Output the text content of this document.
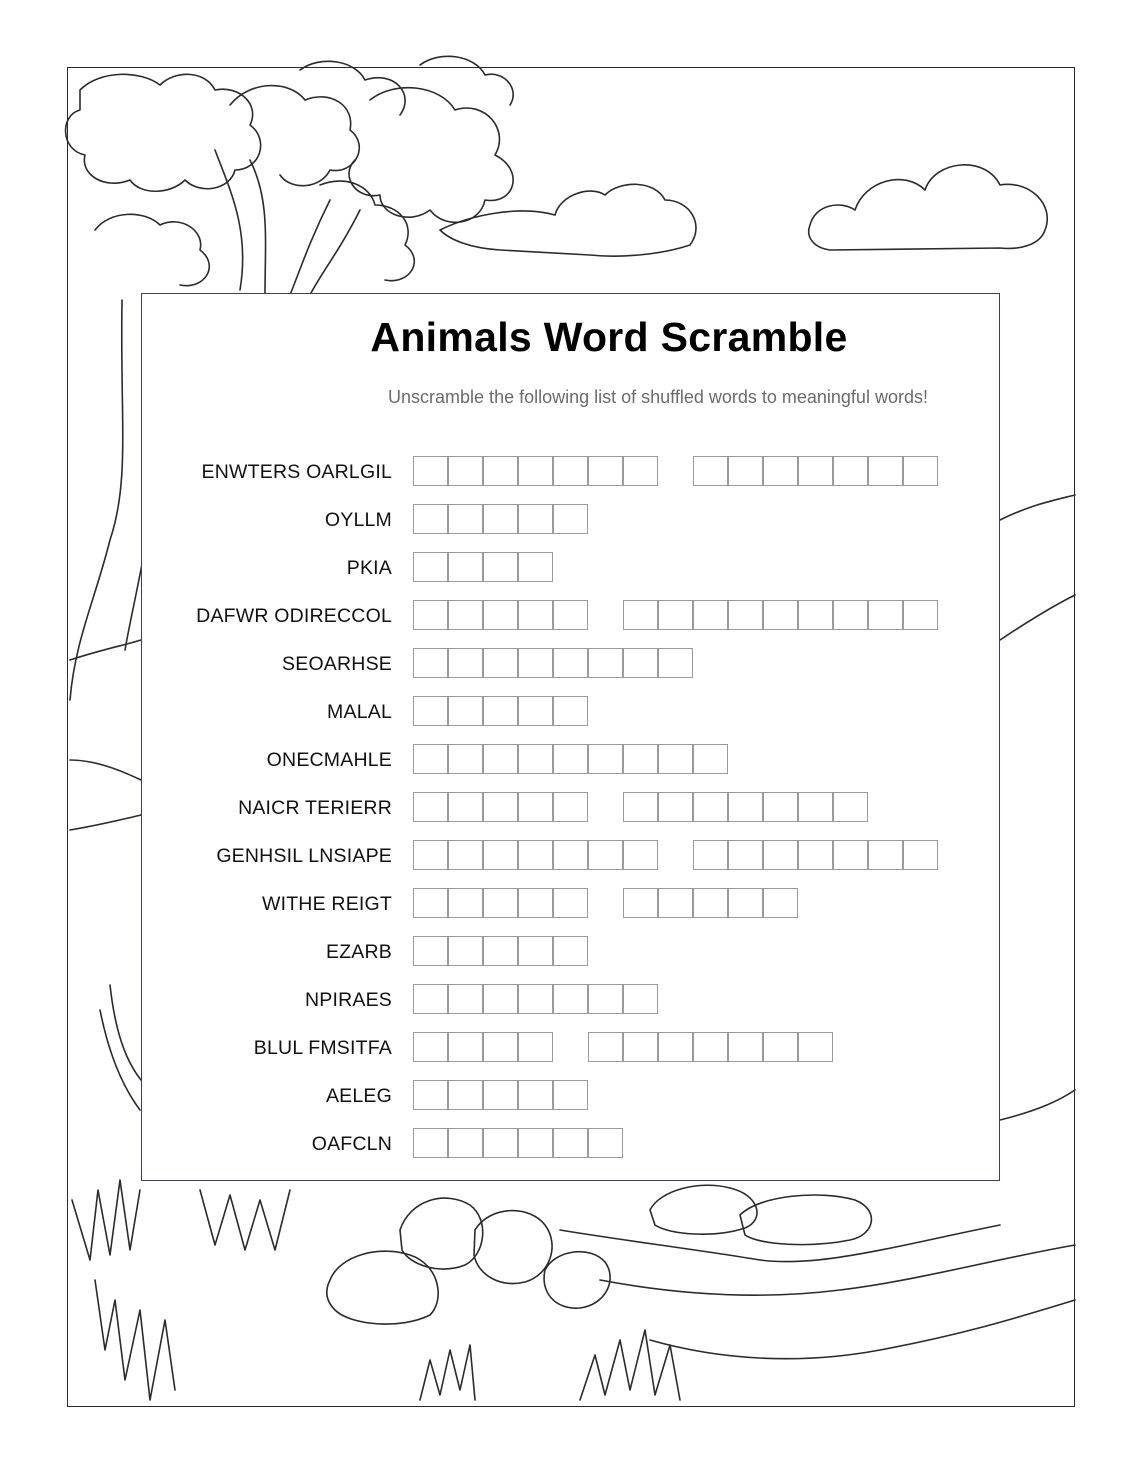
Animals Word Scramble
Unscramble the following list of shuffled words to meaningful words!
ENWTERS OARLGIL
OYLLM
PKIA
DAFWR ODIRECCOL
SEOARHSE
MALAL
ONECMAHLE
NAICR TERIERR
GENHSIL LNSIAPE
WITHE REIGT
EZARB
NPIRAES
BLUL FMSITFA
AELEG
OAFCLN
